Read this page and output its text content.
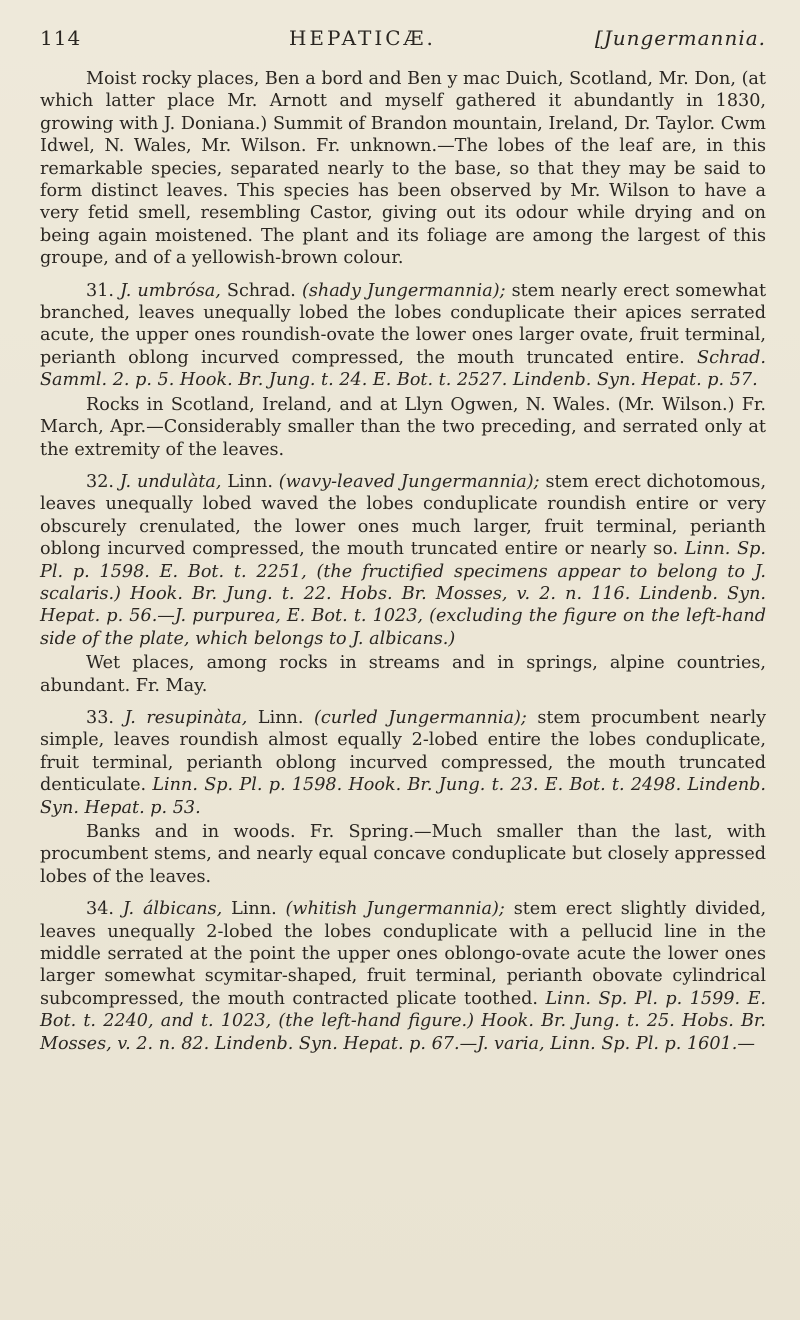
114	HEPATICÆ.	[Jungermannia.

Moist rocky places, Ben a bord and Ben y mac Duich, Scotland, Mr. Don, (at which latter place Mr. Arnott and myself gathered it abundantly in 1830, growing with J. Doniana.) Summit of Brandon mountain, Ireland, Dr. Taylor. Cwm Idwel, N. Wales, Mr. Wilson. Fr. unknown.—The lobes of the leaf are, in this remarkable species, separated nearly to the base, so that they may be said to form distinct leaves. This species has been observed by Mr. Wilson to have a very fetid smell, resembling Castor, giving out its odour while drying and on being again moistened. The plant and its foliage are among the largest of this groupe, and of a yellowish-brown colour.

31. J. umbrósa, Schrad. (shady Jungermannia); stem nearly erect somewhat branched, leaves unequally lobed the lobes conduplicate their apices serrated acute, the upper ones roundish-ovate the lower ones larger ovate, fruit terminal, perianth oblong incurved compressed, the mouth truncated entire. Schrad. Samml. 2. p. 5. Hook. Br. Jung. t. 24. E. Bot. t. 2527. Lindenb. Syn. Hepat. p. 57.

Rocks in Scotland, Ireland, and at Llyn Ogwen, N. Wales. (Mr. Wilson.) Fr. March, Apr.—Considerably smaller than the two preceding, and serrated only at the extremity of the leaves.

32. J. undulàta, Linn. (wavy-leaved Jungermannia); stem erect dichotomous, leaves unequally lobed waved the lobes conduplicate roundish entire or very obscurely crenulated, the lower ones much larger, fruit terminal, perianth oblong incurved compressed, the mouth truncated entire or nearly so. Linn. Sp. Pl. p. 1598. E. Bot. t. 2251, (the fructified specimens appear to belong to J. scalaris.) Hook. Br. Jung. t. 22. Hobs. Br. Mosses, v. 2. n. 116. Lindenb. Syn. Hepat. p. 56.—J. purpurea, E. Bot. t. 1023, (excluding the figure on the left-hand side of the plate, which belongs to J. albicans.)

Wet places, among rocks in streams and in springs, alpine countries, abundant. Fr. May.

33. J. resupinàta, Linn. (curled Jungermannia); stem procumbent nearly simple, leaves roundish almost equally 2-lobed entire the lobes conduplicate, fruit terminal, perianth oblong incurved compressed, the mouth truncated denticulate. Linn. Sp. Pl. p. 1598. Hook. Br. Jung. t. 23. E. Bot. t. 2498. Lindenb. Syn. Hepat. p. 53.

Banks and in woods. Fr. Spring.—Much smaller than the last, with procumbent stems, and nearly equal concave conduplicate but closely appressed lobes of the leaves.

34. J. álbicans, Linn. (whitish Jungermannia); stem erect slightly divided, leaves unequally 2-lobed the lobes conduplicate with a pellucid line in the middle serrated at the point the upper ones oblongo-ovate acute the lower ones larger somewhat scymitar-shaped, fruit terminal, perianth obovate cylindrical subcompressed, the mouth contracted plicate toothed. Linn. Sp. Pl. p. 1599. E. Bot. t. 2240, and t. 1023, (the left-hand figure.) Hook. Br. Jung. t. 25. Hobs. Br. Mosses, v. 2. n. 82. Lindenb. Syn. Hepat. p. 67.—J. varia, Linn. Sp. Pl. p. 1601.—
